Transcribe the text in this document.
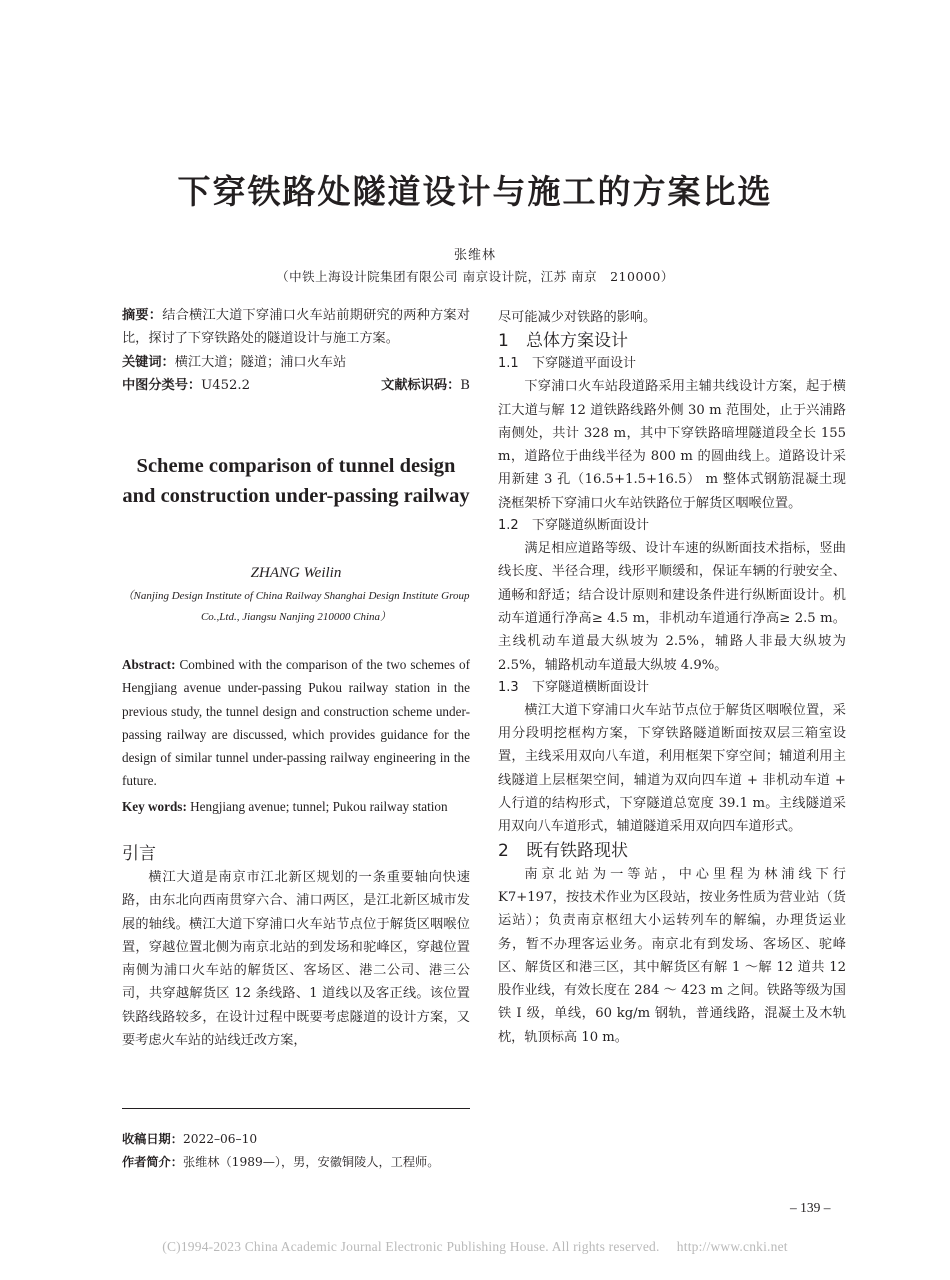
下穿铁路处隧道设计与施工的方案比选
张维林
（中铁上海设计院集团有限公司 南京设计院，江苏 南京　210000）

摘要：结合横江大道下穿浦口火车站前期研究的两种方案对比，探讨了下穿铁路处的隧道设计与施工方案。

关键词：横江大道；隧道；浦口火车站

中图分类号：U452.2	文献标识码：B
Scheme comparison of tunnel design and construction under-passing railway
ZHANG Weilin
（Nanjing Design Institute of China Railway Shanghai Design Institute Group Co.,Ltd., Jiangsu Nanjing 210000 China）
Abstract: Combined with the comparison of the two schemes of Hengjiang avenue under-passing Pukou railway station in the previous study, the tunnel design and construction scheme under-passing railway are discussed, which provides guidance for the design of similar tunnel under-passing railway engineering in the future.
Key words: Hengjiang avenue; tunnel; Pukou railway station

引言

横江大道是南京市江北新区规划的一条重要轴向快速路，由东北向西南贯穿六合、浦口两区，是江北新区城市发展的轴线。横江大道下穿浦口火车站节点位于解货区咽喉位置，穿越位置北侧为南京北站的到发场和驼峰区，穿越位置南侧为浦口火车站的解货区、客场区、港二公司、港三公司，共穿越解货区 12 条线路、1 道线以及客正线。该位置铁路线路较多，在设计过程中既要考虑隧道的设计方案，又要考虑火车站的站线迁改方案，

收稿日期：2022–06–10
作者简介：张维林（1989—），男，安徽铜陵人，工程师。

尽可能减少对铁路的影响。

1 总体方案设计

1.1 下穿隧道平面设计

下穿浦口火车站段道路采用主辅共线设计方案，起于横江大道与解 12 道铁路线路外侧 30 m 范围处，止于兴浦路南侧处，共计 328 m，其中下穿铁路暗埋隧道段全长 155 m，道路位于曲线半径为 800 m 的圆曲线上。道路设计采用新建 3 孔（16.5+1.5+16.5） m 整体式钢筋混凝土现浇框架桥下穿浦口火车站铁路位于解货区咽喉位置。

1.2 下穿隧道纵断面设计

满足相应道路等级、设计车速的纵断面技术指标，竖曲线长度、半径合理，线形平顺缓和，保证车辆的行驶安全、通畅和舒适；结合设计原则和建设条件进行纵断面设计。机动车道通行净高≥ 4.5 m，非机动车道通行净高≥ 2.5 m。主线机动车道最大纵坡为 2.5%，辅路人非最大纵坡为 2.5%，辅路机动车道最大纵坡 4.9%。

1.3 下穿隧道横断面设计

横江大道下穿浦口火车站节点位于解货区咽喉位置，采用分段明挖框构方案，下穿铁路隧道断面按双层三箱室设置，主线采用双向八车道，利用框架下穿空间；辅道利用主线隧道上层框架空间，辅道为双向四车道 + 非机动车道 + 人行道的结构形式，下穿隧道总宽度 39.1 m。主线隧道采用双向八车道形式，辅道隧道采用双向四车道形式。

2 既有铁路现状

南京北站为一等站，中心里程为林浦线下行 K7+197，按技术作业为区段站，按业务性质为营业站（货运站）；负责南京枢纽大小运转列车的解编，办理货运业务，暂不办理客运业务。南京北有到发场、客场区、驼峰区、解货区和港三区，其中解货区有解 1 ～解 12 道共 12 股作业线，有效长度在 284 ～ 423 m 之间。铁路等级为国铁 Ⅰ 级，单线，60 kg/m 钢轨，普通线路，混凝土及木轨枕，轨顶标高 10 m。

– 139 –
(C)1994-2023 China Academic Journal Electronic Publishing House. All rights reserved.　 http://www.cnki.net
